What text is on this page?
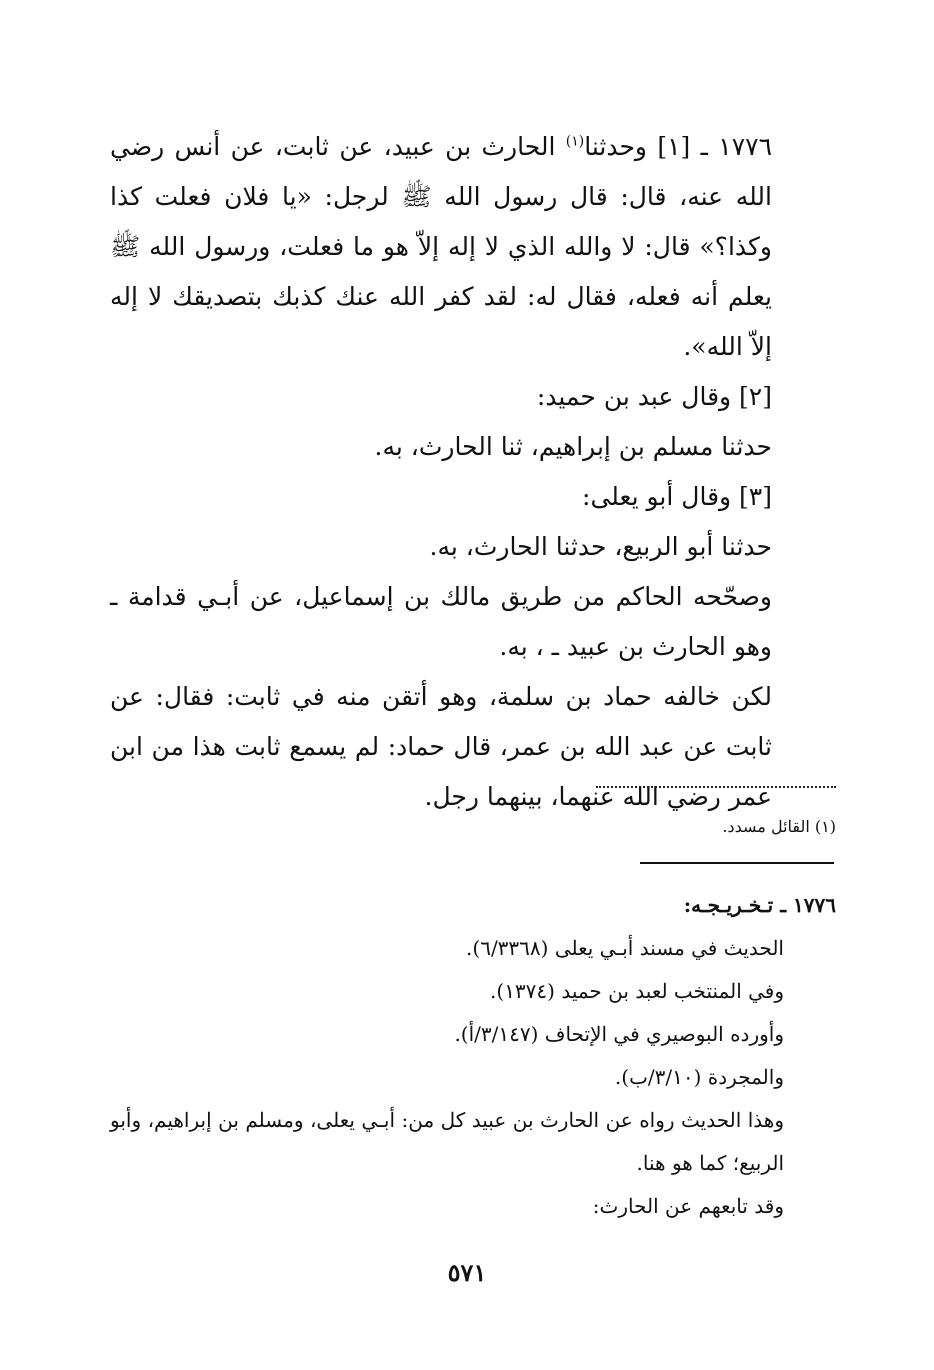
١٧٧٦ ـ [١] وحدثنا$^{(١)}$ الحارث بن عبيد، عن ثابت، عن أنس رضي الله عنه، قال: قال رسول الله ﷺ لرجل: «يا فلان فعلت كذا وكذا؟» قال: لا والله الذي لا إله إلاّ هو ما فعلت، ورسول الله ﷺ يعلم أنه فعله، فقال له: لقد كفر الله عنك كذبك بتصديقك لا إله إلاّ الله».

[٢] وقال عبد بن حميد:

حدثنا مسلم بن إبراهيم، ثنا الحارث، به.

[٣] وقال أبو يعلى:

حدثنا أبو الربيع، حدثنا الحارث، به.

وصحّحه الحاكم من طريق مالك بن إسماعيل، عن أبـي قدامة ـ وهو الحارث بن عبيد ـ ، به.

لكن خالفه حماد بن سلمة، وهو أتقن منه في ثابت: فقال: عن ثابت عن عبد الله بن عمر، قال حماد: لم يسمع ثابت هذا من ابن عمر رضي الله عنهما، بينهما رجل.

(١) القائل مسدد.

١٧٧٦ ـ تـخـريـجـه:

الحديث في مسند أبـي يعلى (٦/٣٣٦٨).

وفي المنتخب لعبد بن حميد (١٣٧٤).

وأورده البوصيري في الإتحاف (٣/١٤٧/أ).

والمجردة (٣/١٠/ب).

وهذا الحديث رواه عن الحارث بن عبيد كل من: أبـي يعلى، ومسلم بن إبراهيم، وأبو الربيع؛ كما هو هنا.

وقد تابعهم عن الحارث:

٥٧١
